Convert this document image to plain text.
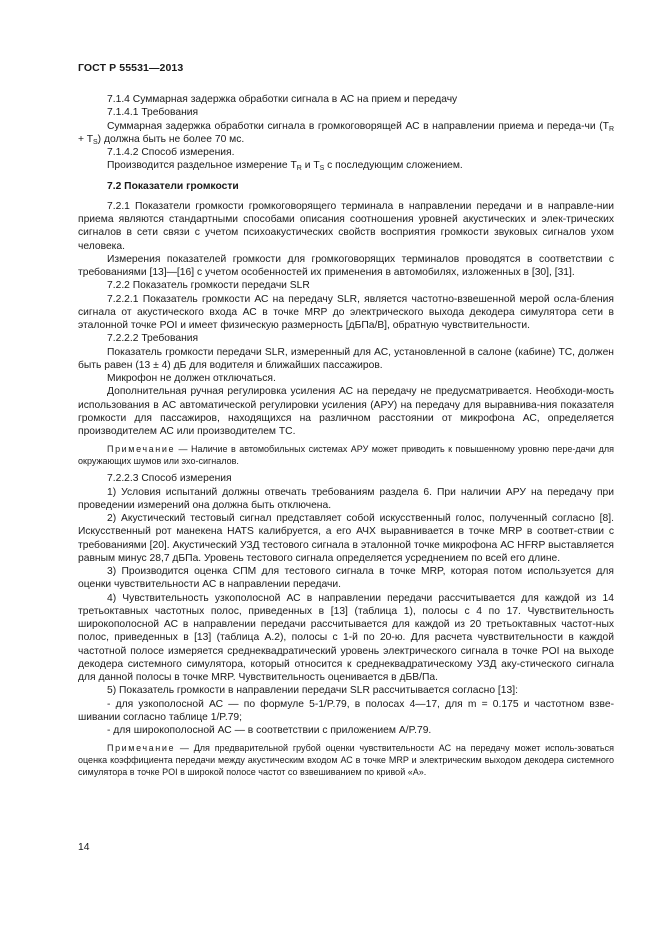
ГОСТ Р 55531—2013

7.1.4 Суммарная задержка обработки сигнала в АС на прием и передачу

7.1.4.1 Требования

Суммарная задержка обработки сигнала в громкоговорящей АС в направлении приема и переда-чи $(T_R + T_S)$ должна быть не более 70 мс.

7.1.4.2 Способ измерения.

Производится раздельное измерение $T_R$ и $T_S$ с последующим сложением.

7.2 Показатели громкости

7.2.1 Показатели громкости громкоговорящего терминала в направлении передачи и в направле-нии приема являются стандартными способами описания соотношения уровней акустических и элек-трических сигналов в сети связи с учетом психоакустических свойств восприятия громкости звуковых сигналов ухом человека.

Измерения показателей громкости для громкоговорящих терминалов проводятся в соответствии с требованиями [13]—[16] с учетом особенностей их применения в автомобилях, изложенных в [30], [31].

7.2.2 Показатель громкости передачи SLR

7.2.2.1 Показатель громкости АС на передачу SLR, является частотно-взвешенной мерой осла-бления сигнала от акустического входа АС в точке MRP до электрического выхода декодера симулятора сети в эталонной точке POI и имеет физическую размерность [дБПа/В], обратную чувствительности.

7.2.2.2 Требования

Показатель громкости передачи SLR, измеренный для АС, установленной в салоне (кабине) ТС, должен быть равен (13 ± 4) дБ для водителя и ближайших пассажиров.

Микрофон не должен отключаться.

Дополнительная ручная регулировка усиления АС на передачу не предусматривается. Необходи-мость использования в АС автоматической регулировки усиления (АРУ) на передачу для выравнива-ния показателя громкости для пассажиров, находящихся на различном расстоянии от микрофона АС, определяется производителем АС или производителем ТС.

Примечание — Наличие в автомобильных системах АРУ может приводить к повышенному уровню пере-дачи для окружающих шумов или эхо-сигналов.

7.2.2.3 Способ измерения

1) Условия испытаний должны отвечать требованиям раздела 6. При наличии АРУ на передачу при проведении измерений она должна быть отключена.

2) Акустический тестовый сигнал представляет собой искусственный голос, полученный согласно [8]. Искусственный рот манекена HATS калибруется, а его АЧХ выравнивается в точке MRP в соответ-ствии с требованиями [20]. Акустический УЗД тестового сигнала в эталонной точке микрофона АС HFRP выставляется равным минус 28,7 дБПа. Уровень тестового сигнала определяется усреднением по всей его длине.

3) Производится оценка СПМ для тестового сигнала в точке MRP, которая потом используется для оценки чувствительности АС в направлении передачи.

4) Чувствительность узкополосной АС в направлении передачи рассчитывается для каждой из 14 третьоктавных частотных полос, приведенных в [13] (таблица 1), полосы с 4 по 17. Чувствительность широкополосной АС в направлении передачи рассчитывается для каждой из 20 третьоктавных частот-ных полос, приведенных в [13] (таблица А.2), полосы с 1-й по 20-ю. Для расчета чувствительности в каждой частотной полосе измеряется среднеквадратический уровень электрического сигнала в точке POI на выходе декодера системного симулятора, который относится к среднеквадратическому УЗД аку-стического сигнала для данной полосы в точке MRP. Чувствительность оценивается в дБВ/Па.

5) Показатель громкости в направлении передачи SLR рассчитывается согласно [13]:

- для узкополосной АС — по формуле 5-1/P.79, в полосах 4—17, для m = 0.175 и частотном взве-шивании согласно таблице 1/P.79;

- для широкополосной АС — в соответствии с приложением А/P.79.

Примечание — Для предварительной грубой оценки чувствительности АС на передачу может исполь-зоваться оценка коэффициента передачи между акустическим входом АС в точке MRP и электрическим выходом декодера системного симулятора в точке POI в широкой полосе частот со взвешиванием по кривой «А».

14
